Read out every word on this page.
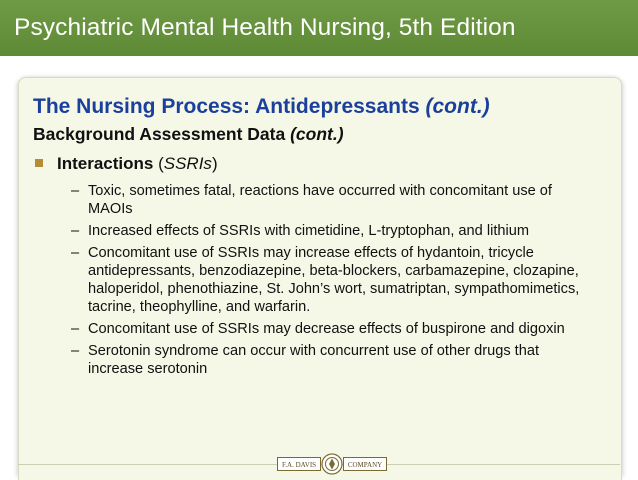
Psychiatric Mental Health Nursing, 5th Edition
The Nursing Process: Antidepressants (cont.)
Background Assessment Data (cont.)
Interactions (SSRIs)
– Toxic, sometimes fatal, reactions have occurred with concomitant use of MAOIs
– Increased effects of SSRIs with cimetidine, L-tryptophan, and lithium
– Concomitant use of SSRIs may increase effects of hydantoin, tricycle antidepressants, benzodiazepine, beta-blockers, carbamazepine, clozapine, haloperidol, phenothiazine, St. John’s wort, sumatriptan, sympathomimetics, tacrine, theophylline, and warfarin.
– Concomitant use of SSRIs may decrease effects of buspirone and digoxin
– Serotonin syndrome can occur with concurrent use of other drugs that increase serotonin
F.A. DAVIS	COMPANY
